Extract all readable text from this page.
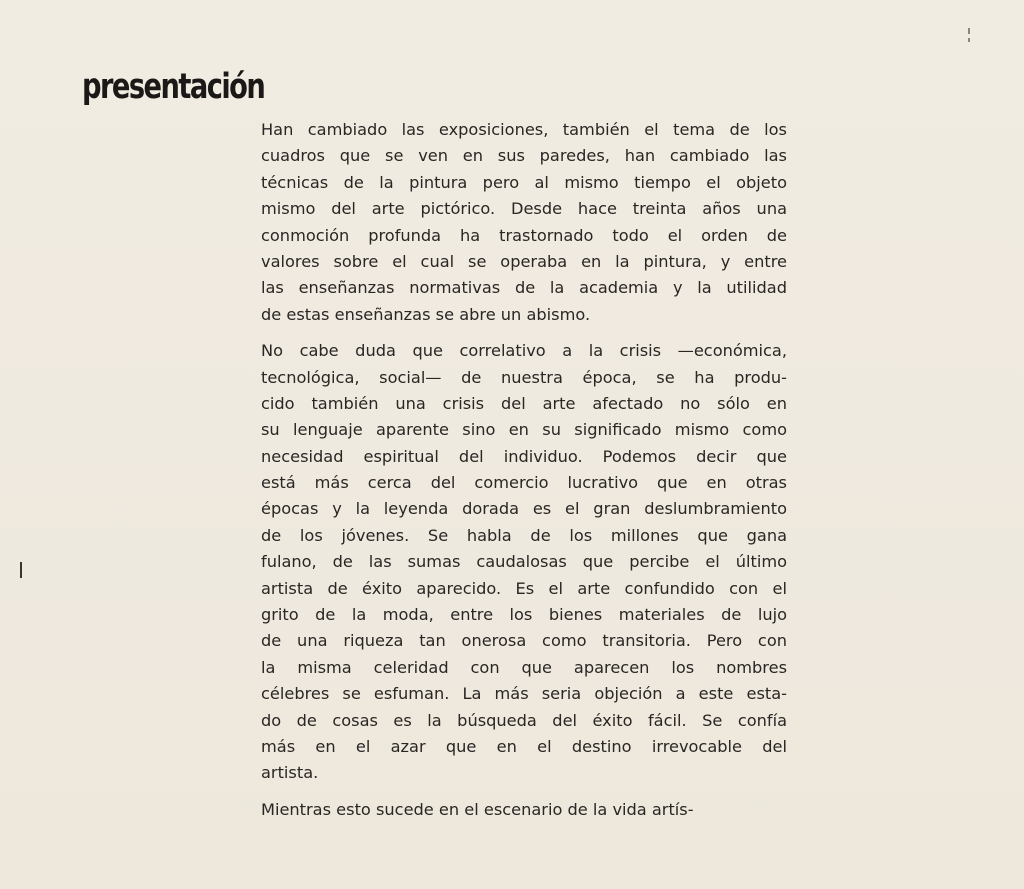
presentación
Han cambiado las exposiciones, también el tema de los
cuadros que se ven en sus paredes, han cambiado las
técnicas de la pintura pero al mismo tiempo el objeto
mismo del arte pictórico. Desde hace treinta años una
conmoción profunda ha trastornado todo el orden de
valores sobre el cual se operaba en la pintura, y entre
las enseñanzas normativas de la academia y la utilidad
de estas enseñanzas se abre un abismo.
No cabe duda que correlativo a la crisis —económica,
tecnológica, social— de nuestra época, se ha produ-
cido también una crisis del arte afectado no sólo en
su lenguaje aparente sino en su significado mismo como
necesidad espiritual del individuo. Podemos decir que
está más cerca del comercio lucrativo que en otras
épocas y la leyenda dorada es el gran deslumbramiento
de los jóvenes. Se habla de los millones que gana
fulano, de las sumas caudalosas que percibe el último
artista de éxito aparecido. Es el arte confundido con el
grito de la moda, entre los bienes materiales de lujo
de una riqueza tan onerosa como transitoria. Pero con
la misma celeridad con que aparecen los nombres
célebres se esfuman. La más seria objeción a este esta-
do de cosas es la búsqueda del éxito fácil. Se confía
más en el azar que en el destino irrevocable del
artista.
Mientras esto sucede en el escenario de la vida artís-
